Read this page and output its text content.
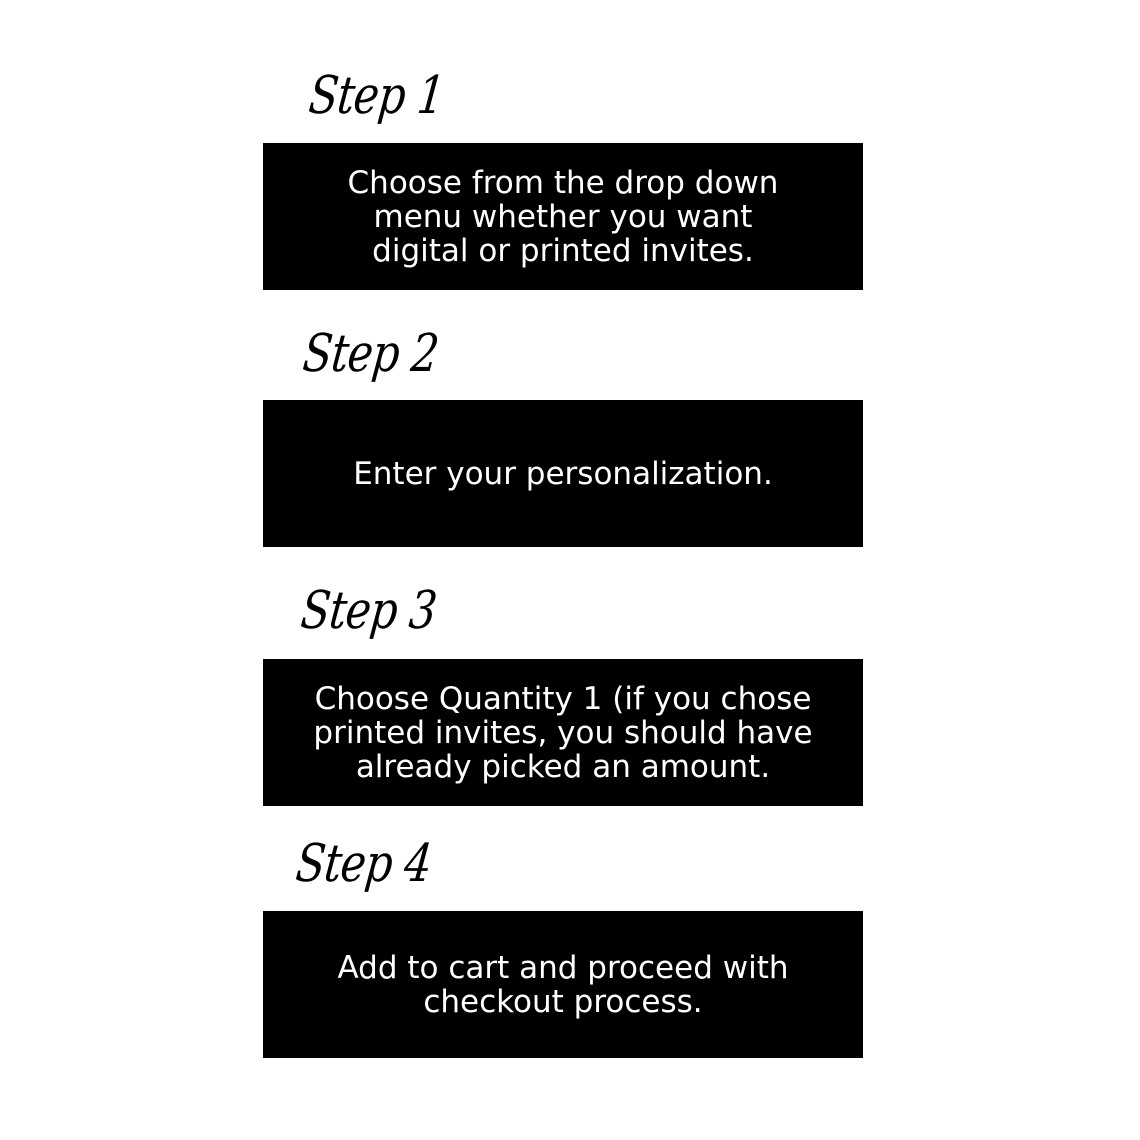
Step 1
Choose from the drop down
menu whether you want
digital or printed invites.
Step 2
Enter your personalization.
Step 3
Choose Quantity 1 (if you chose
printed invites, you should have
already picked an amount.
Step 4
Add to cart and proceed with
checkout process.
